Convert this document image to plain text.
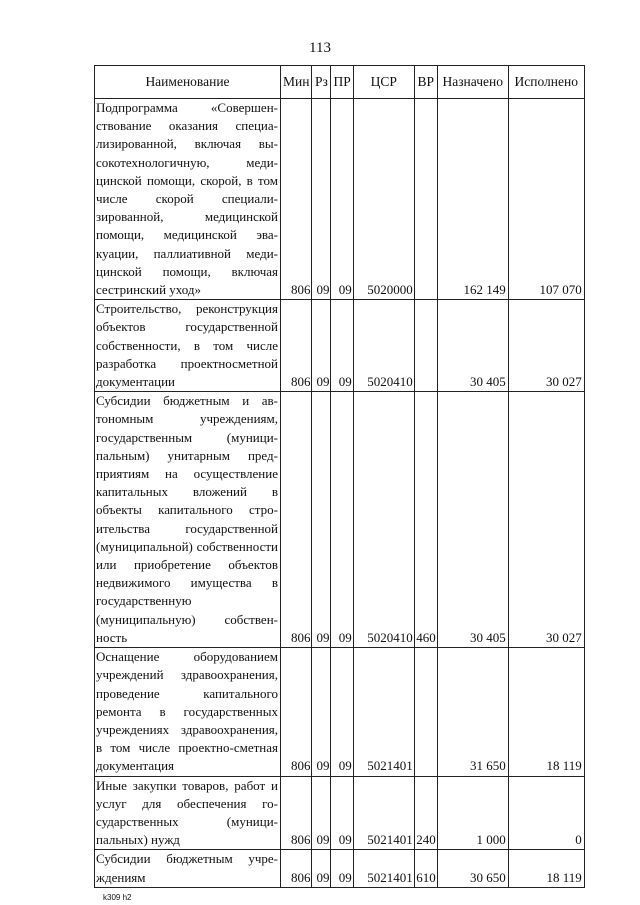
113
Наименование	Мин	Рз	ПР	ЦСР	ВР	Назначено	Исполнено
Подпрограмма «Совершенствование оказания специализированной, включая высокотехнологичную, медицинской помощи, скорой, в том числе скорой специализированной, медицинской помощи, медицинской эвакуации, паллиативной медицинской помощи, включая сестринский уход»	806	09	09	5020000		162 149	107 070
Строительство, реконструкция объектов государственной собственности, в том числе разработка проектносметной документации	806	09	09	5020410		30 405	30 027
Субсидии бюджетным и автономным учреждениям, государственным (муниципальным) унитарным предприятиям на осуществление капитальных вложений в объекты капитального строительства государственной (муниципальной) собственности или приобретение объектов недвижимого имущества в государственную (муниципальную) собственность	806	09	09	5020410	460	30 405	30 027
Оснащение оборудованием учреждений здравоохранения, проведение капитального ремонта в государственных учреждениях здравоохранения, в том числе проектно-сметная документация	806	09	09	5021401		31 650	18 119
Иные закупки товаров, работ и услуг для обеспечения государственных (муниципальных) нужд	806	09	09	5021401	240	1 000	0
Субсидии бюджетным учреждениям	806	09	09	5021401	610	30 650	18 119
k309 h2
